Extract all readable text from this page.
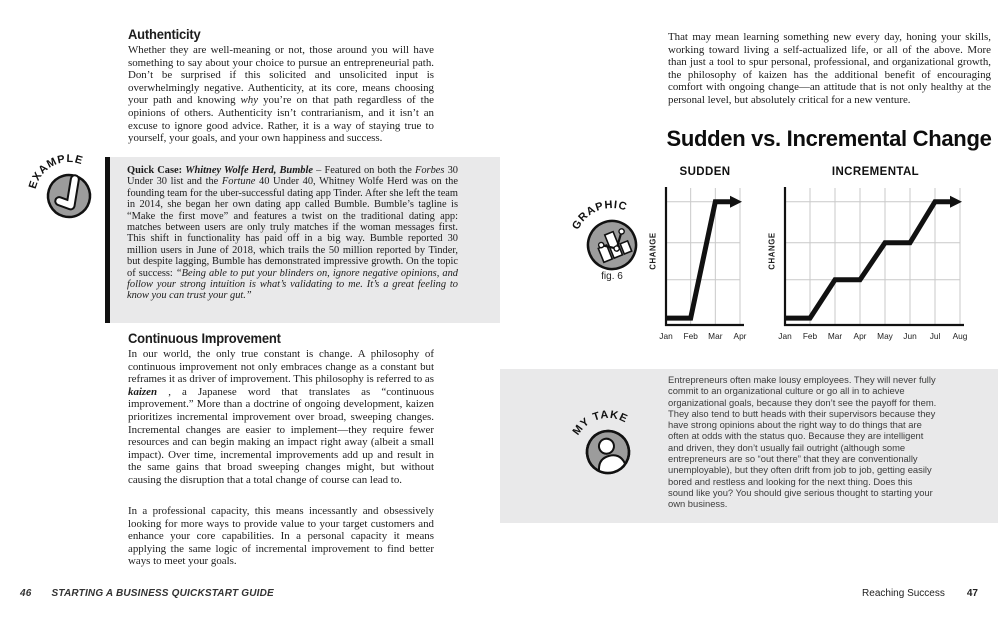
Authenticity
Whether they are well-meaning or not, those around you will have something to say about your choice to pursue an entrepreneurial path. Don’t be surprised if this solicited and unsolicited input is overwhelmingly negative. Authenticity, at its core, means choosing your path and knowing why you’re on that path regardless of the opinions of others. Authenticity isn’t contrarianism, and it isn’t an excuse to ignore good advice. Rather, it is a way of staying true to yourself, your goals, and your own happiness and success.
EXAMPLE
Quick Case: Whitney Wolfe Herd, Bumble – Featured on both the Forbes 30 Under 30 list and the Fortune 40 Under 40, Whitney Wolfe Herd was on the founding team for the uber-successful dating app Tinder. After she left the team in 2014, she began her own dating app called Bumble. Bumble’s tagline is “Make the first move” and features a twist on the traditional dating app: matches between users are only truly matches if the woman messages first. This shift in functionality has paid off in a big way. Bumble reported 30 million users in June of 2018, which trails the 50 million reported by Tinder, but despite lagging, Bumble has demonstrated impressive growth. On the topic of success: “Being able to put your blinders on, ignore negative opinions, and follow your strong intuition is what’s validating to me. It’s a great feeling to know you can trust your gut.”
Continuous Improvement
In our world, the only true constant is change. A philosophy of continuous improvement not only embraces change as a constant but reframes it as driver of improvement. This philosophy is referred to as kaizen , a Japanese word that translates as “continuous improvement.” More than a doctrine of ongoing development, kaizen prioritizes incremental improvement over broad, sweeping changes. Incremental changes are easier to implement—they require fewer resources and can begin making an impact right away (albeit a small impact). Over time, incremental improvements add up and result in the same gains that broad sweeping changes might, but without causing the disruption that a total change of course can lead to.
In a professional capacity, this means incessantly and obsessively looking for more ways to provide value to your target customers and enhance your core capabilities. In a personal capacity it means applying the same logic of incremental improvement to find better ways to meet your goals.
46 STARTING A BUSINESS QUICKSTART GUIDE
That may mean learning something new every day, honing your skills, working toward living a self-actualized life, or all of the above. More than just a tool to spur personal, professional, and organizational growth, the philosophy of kaizen has the additional benefit of encouraging comfort with ongoing change—an attitude that is not only healthy at the personal level, but absolutely critical for a new venture.
Sudden vs. Incremental Change
GRAPHIC
fig. 6
SUDDEN	INCREMENTAL
CHANGE	CHANGE
Jan Feb Mar Apr	Jan Feb Mar Apr May Jun Jul Aug
MY TAKE
Entrepreneurs often make lousy employees. They will never fully commit to an organizational culture or go all in to achieve organizational goals, because they don’t see the payoff for them. They also tend to butt heads with their supervisors because they have strong opinions about the right way to do things that are often at odds with the status quo. Because they are intelligent and driven, they don’t usually fail outright (although some entrepreneurs are so “out there” that they are conventionally unemployable), but they often drift from job to job, getting easily bored and restless and looking for the next thing. Does this sound like you? You should give serious thought to starting your own business.
Reaching Success 47
